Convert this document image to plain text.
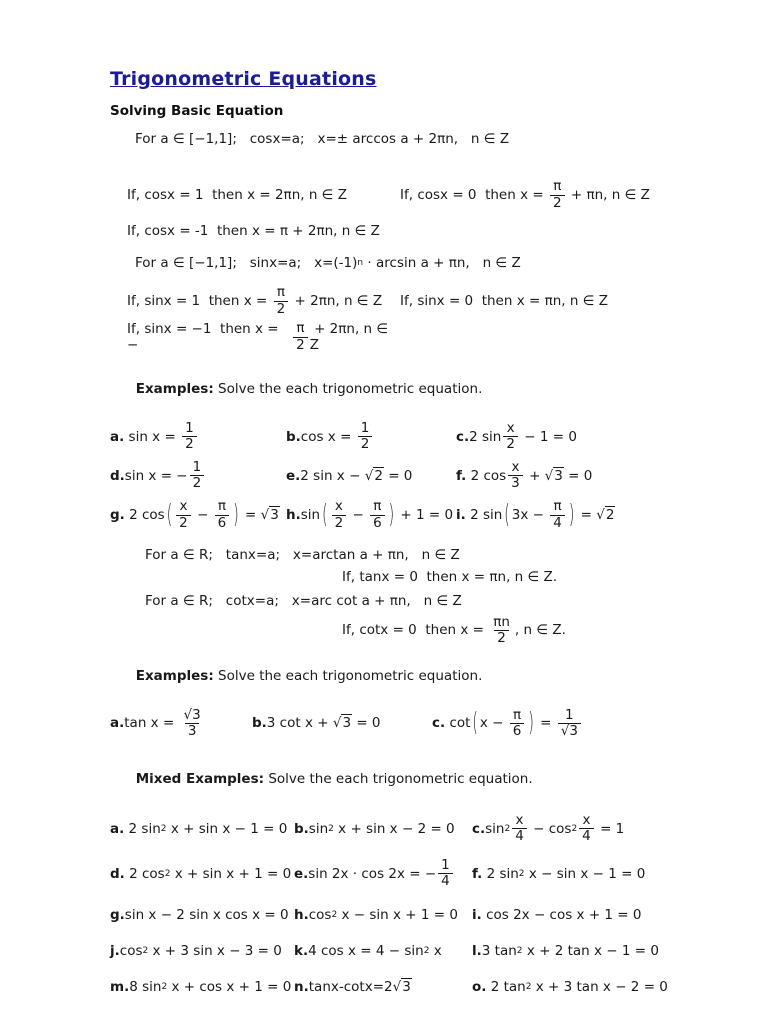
Trigonometric Equations
Solving Basic Equation
For a ∈ [−1,1];   cosx=a;   x=± arccos a + 2πn,   n ∈ Z
If, cosx = 1  then x = 2πn, n ∈ Z	If, cosx = 0  then $x = \frac{\pi}{2} + \pi n$, n ∈ Z
If, cosx = -1  then x = π + 2πn, n ∈ Z
For a ∈ [−1,1];   sinx=a;   x=(-1) n · arcsin a + πn,   n ∈ Z
If, sinx = 1  then $x = \frac{\pi}{2} + 2\pi n$, n ∈ Z	If, sinx = 0  then x = πn, n ∈ Z
If, sinx = −1  then x = −	$\frac{\pi}{2} + 2\pi n$, n ∈ Z

Examples: Solve the each trigonometric equation.

a. $\sin x = \frac{1}{2}$	b. $\cos x = \frac{1}{2}$	c. 2 $\sin \frac{x}{2} - 1 = 0$
d. sin x = − $\frac{1}{2}$	e. 2 sin x − √2 = 0	f. 2 $\cos \frac{x}{3} + √3 = 0$
g. 2 cos ( $\frac{x}{2} - \frac{\pi}{6}$ ) = √3 h. sin ( $\frac{x}{2} - \frac{\pi}{6}$ ) + 1 = 0 i. 2 sin ( $3x - \frac{\pi}{4}$ ) = √2
For a ∈ R;   tanx=a;   x=arctan a + πn,   n ∈ Z If, tanx = 0  then x = πn, n ∈ Z. For a ∈ R;   cotx=a;   x=arc cot a + πn,   n ∈ Z If, cotx = 0  then $x = \frac{\pi n}{2}$ , n ∈ Z.

Examples: Solve the each trigonometric equation.

a. $\tan x = \frac{√3}{3}$	b. 3 cot x + √3 = 0	c. cot ( $x - \frac{\pi}{6}$ ) = $\frac{1}{√3}$

Mixed Examples: Solve the each trigonometric equation.

a. 2 sin 2 x + sin x − 1 = 0 b. sin 2 x + sin x − 2 = 0 c. $\sin 2 \frac{x}{4} - \cos 2 \frac{x}{4} = 1$
d. 2 cos 2 x + sin x + 1 = 0 e. sin 2x · cos 2x = − $\frac{1}{4} f$. 2 sin 2 x − sin x − 1 = 0
g. sin x − 2 sin x cos x = 0 h. cos 2 x − sin x + 1 = 0 i. cos 2x − cos x + 1 = 0
j. cos 2 x + 3 sin x − 3 = 0 k. 4 cos x = 4 − sin 2 x l. 3 tan 2 x + 2 tan x − 1 = 0
m. 8 sin 2 x + cos x + 1 = 0 n. tanx-cotx=2 √3	o. 2 tan 2 x + 3 tan x − 2 = 0
